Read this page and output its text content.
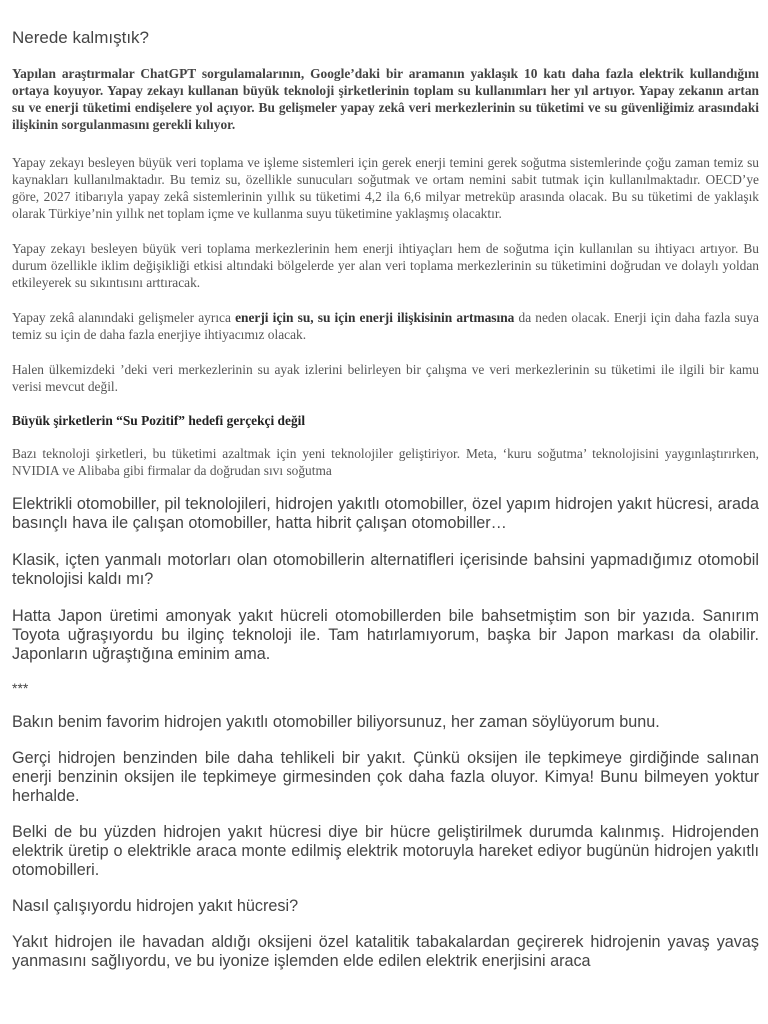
Nerede kalmıştık?

Yapılan araştırmalar ChatGPT sorgulamalarının, Google’daki bir aramanın yaklaşık 10 katı daha fazla elektrik kullandığını ortaya koyuyor. Yapay zekayı kullanan büyük teknoloji şirketlerinin toplam su kullanımları her yıl artıyor. Yapay zekanın artan su ve enerji tüketimi endişelere yol açıyor. Bu gelişmeler yapay zekâ veri merkezlerinin su tüketimi ve su güvenliğimiz arasındaki ilişkinin sorgulanmasını gerekli kılıyor.

Yapay zekayı besleyen büyük veri toplama ve işleme sistemleri için gerek enerji temini gerek soğutma sistemlerinde çoğu zaman temiz su kaynakları kullanılmaktadır. Bu temiz su, özellikle sunucuları soğutmak ve ortam nemini sabit tutmak için kullanılmaktadır. OECD’ye göre, 2027 itibarıyla yapay zekâ sistemlerinin yıllık su tüketimi 4,2 ila 6,6 milyar metreküp arasında olacak. Bu su tüketimi de yaklaşık olarak Türkiye’nin yıllık net toplam içme ve kullanma suyu tüketimine yaklaşmış olacaktır.

Yapay zekayı besleyen büyük veri toplama merkezlerinin hem enerji ihtiyaçları hem de soğutma için kullanılan su ihtiyacı artıyor. Bu durum özellikle iklim değişikliği etkisi altındaki bölgelerde yer alan veri toplama merkezlerinin su tüketimini doğrudan ve dolaylı yoldan etkileyerek su sıkıntısını arttıracak.

Yapay zekâ alanındaki gelişmeler ayrıca enerji için su, su için enerji ilişkisinin artmasına da neden olacak. Enerji için daha fazla suya temiz su için de daha fazla enerjiye ihtiyacımız olacak.

Halen ülkemizdeki ’deki veri merkezlerinin su ayak izlerini belirleyen bir çalışma ve veri merkezlerinin su tüketimi ile ilgili bir kamu verisi mevcut değil.

Büyük şirketlerin “Su Pozitif” hedefi gerçekçi değil

Bazı teknoloji şirketleri, bu tüketimi azaltmak için yeni teknolojiler geliştiriyor. Meta, ‘kuru soğutma’ teknolojisini yaygınlaştırırken, NVIDIA ve Alibaba gibi firmalar da doğrudan sıvı soğutma

Elektrikli otomobiller, pil teknolojileri, hidrojen yakıtlı otomobiller, özel yapım hidrojen yakıt hücresi, arada basınçlı hava ile çalışan otomobiller, hatta hibrit çalışan otomobiller…

Klasik, içten yanmalı motorları olan otomobillerin alternatifleri içerisinde bahsini yapmadığımız otomobil teknolojisi kaldı mı?

Hatta Japon üretimi amonyak yakıt hücreli otomobillerden bile bahsetmiştim son bir yazıda. Sanırım Toyota uğraşıyordu bu ilginç teknoloji ile. Tam hatırlamıyorum, başka bir Japon markası da olabilir. Japonların uğraştığına eminim ama.

***

Bakın benim favorim hidrojen yakıtlı otomobiller biliyorsunuz, her zaman söylüyorum bunu.

Gerçi hidrojen benzinden bile daha tehlikeli bir yakıt. Çünkü oksijen ile tepkimeye girdiğinde salınan enerji benzinin oksijen ile tepkimeye girmesinden çok daha fazla oluyor. Kimya! Bunu bilmeyen yoktur herhalde.

Belki de bu yüzden hidrojen yakıt hücresi diye bir hücre geliştirilmek durumda kalınmış. Hidrojenden elektrik üretip o elektrikle araca monte edilmiş elektrik motoruyla hareket ediyor bugünün hidrojen yakıtlı otomobilleri.

Nasıl çalışıyordu hidrojen yakıt hücresi?

Yakıt hidrojen ile havadan aldığı oksijeni özel katalitik tabakalardan geçirerek hidrojenin yavaş yavaş yanmasını sağlıyordu, ve bu iyonize işlemden elde edilen elektrik enerjisini araca
